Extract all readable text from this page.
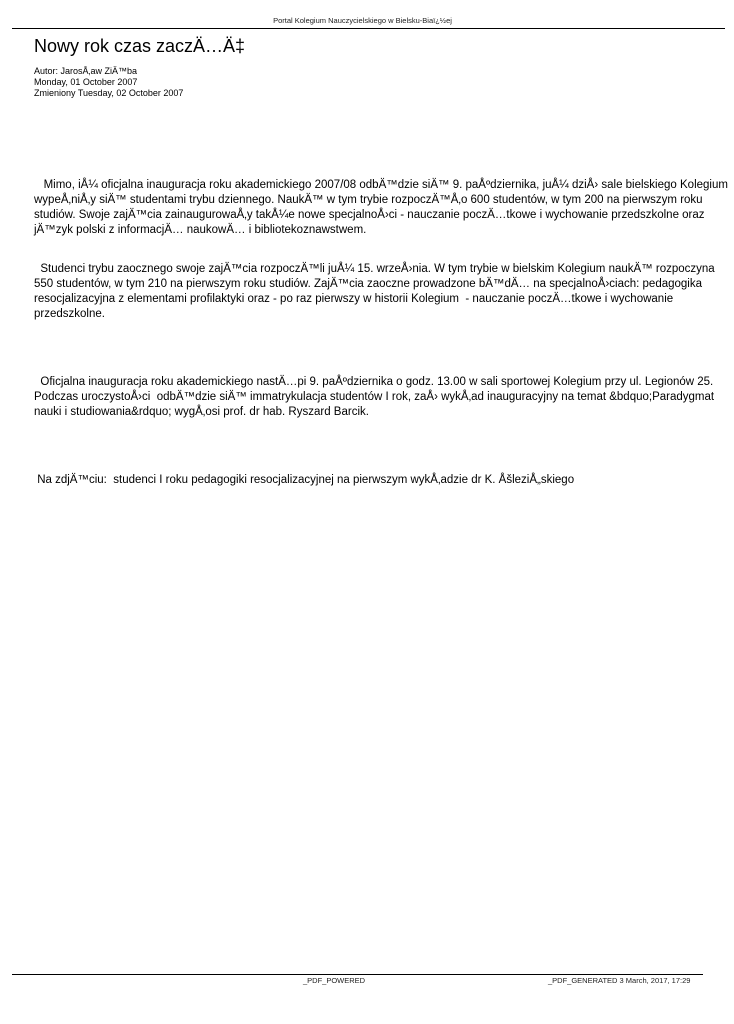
Portal Kolegium Nauczycielskiego w Bielsku-Biaï¿½ej
Nowy rok czas zaczÄ…Ä‡
Autor: JarosÅ‚aw ZiÄ™ba
Monday, 01 October 2007
Zmieniony Tuesday, 02 October 2007

Mimo, iÅ¼ oficjalna inauguracja roku akademickiego 2007/08 odbÄ™dzie siÄ™ 9. paÅºdziernika, juÅ¼ dziÅ› sale bielskiego Kolegium wypeÅ‚niÅ‚y siÄ™ studentami trybu dziennego. NaukÄ™ w tym trybie rozpoczÄ™Å‚o 600 studentów, w tym 200 na pierwszym roku studiów. Swoje zajÄ™cia zainaugurowaÅ‚y takÅ¼e nowe specjalnoÅ›ci - nauczanie poczÄ…tkowe i wychowanie przedszkolne oraz jÄ™zyk polski z informacjÄ… naukowÄ… i bibliotekoznawstwem.

Studenci trybu zaocznego swoje zajÄ™cia rozpoczÄ™li juÅ¼ 15. wrzeÅ›nia. W tym trybie w bielskim Kolegium naukÄ™ rozpoczyna 550 studentów, w tym 210 na pierwszym roku studiów. ZajÄ™cia zaoczne prowadzone bÄ™dÄ… na specjalnoÅ›ciach: pedagogika resocjalizacyjna z elementami profilaktyki oraz - po raz pierwszy w historii Kolegium  - nauczanie poczÄ…tkowe i wychowanie przedszkolne.

Oficjalna inauguracja roku akademickiego nastÄ…pi 9. paÅºdziernika o godz. 13.00 w sali sportowej Kolegium przy ul. Legionów 25. Podczas uroczystoÅ›ci  odbÄ™dzie siÄ™ immatrykulacja studentów I rok, zaÅ› wykÅ‚ad inauguracyjny na temat &bdquo;Paradygmat nauki i studiowania&rdquo; wygÅ‚osi prof. dr hab. Ryszard Barcik.

Na zdjÄ™ciu:  studenci I roku pedagogiki resocjalizacyjnej na pierwszym wykÅ‚adzie dr K. ÅšleziÅ„skiego

_PDF_POWERED	_PDF_GENERATED 3 March, 2017, 17:29
